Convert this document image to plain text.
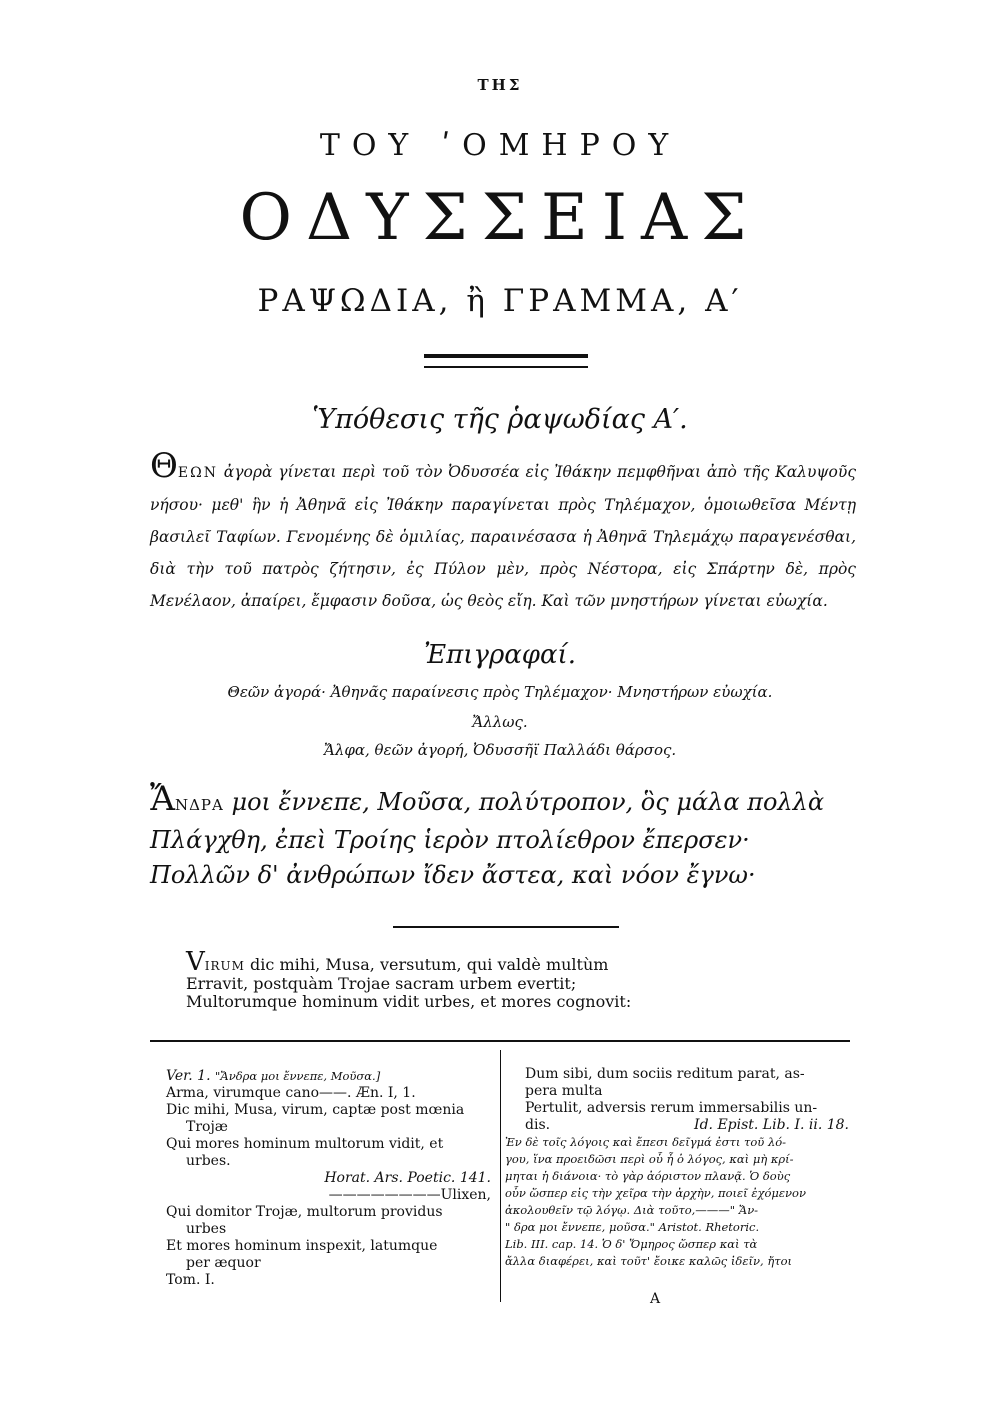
ΤΗΣ
ΤΟΥ ʹΟΜΗΡΟΥ
ΟΔΥΣΣΕΙΑΣ
ΡΑΨΩΔΙΑ, ἢ ΓΡΑΜΜΑ, Α′
Ὑπόθεσις τῆς ῥαψωδίας Α′.
ΘΕΩΝ ἀγορὰ γίνεται περὶ τοῦ τὸν Ὀδυσσέα εἰς Ἰθάκην πεμφθῆναι ἀπὸ τῆς Καλυψοῦς νήσου· μεθ' ἣν ἡ Ἀθηνᾶ εἰς Ἰθάκην παραγίνεται πρὸς Τηλέμαχον, ὁμοιωθεῖσα Μέντῃ βασιλεῖ Ταφίων. Γενομένης δὲ ὁμιλίας, παραινέσασα ἡ Ἀθηνᾶ Τηλεμάχῳ παραγενέσθαι, διὰ τὴν τοῦ πατρὸς ζήτησιν, ἐς Πύλον μὲν, πρὸς Νέστορα, εἰς Σπάρτην δὲ, πρὸς Μενέλαον, ἀπαίρει, ἔμφασιν δοῦσα, ὡς θεὸς εἴη. Καὶ τῶν μνηστήρων γίνεται εὐωχία.
Ἐπιγραφαί.
Θεῶν ἀγορά· Ἀθηνᾶς παραίνεσις πρὸς Τηλέμαχον· Μνηστήρων εὐωχία.
Ἄλλως.
Ἄλφα, θεῶν ἀγορή, Ὀδυσσῆϊ Παλλάδι θάρσος.
ἌΝΔΡΑ μοι ἔννεπε, Μοῦσα, πολύτροπον, ὃς μάλα πολλὰ
Πλάγχθη, ἐπεὶ Τροίης ἱερὸν πτολίεθρον ἔπερσεν·
Πολλῶν δ' ἀνθρώπων ἴδεν ἄστεα, καὶ νόον ἔγνω·
VIRUM dic mihi, Musa, versutum, qui valdè multùm
Erravit, postquàm Trojae sacram urbem evertit;
Multorumque hominum vidit urbes, et mores cognovit:
Ver. 1. "Ἄνδρα μοι ἔννεπε, Μοῦσα.]
Arma, virumque cano——. Æn. I, 1.
Dic mihi, Musa, virum, captæ post mœnia
Trojæ
Qui mores hominum multorum vidit, et
urbes.
Horat. Ars. Poetic. 141.
————————Ulixen,
Qui domitor Trojæ, multorum providus
urbes
Et mores hominum inspexit, latumque
per æquor
Tom. I.
Dum sibi, dum sociis reditum parat, as-
pera multa
Pertulit, adversis rerum immersabilis un-
dis.	Id. Epist. Lib. I. ii. 18.
Ἐν δὲ τοῖς λόγοις καὶ ἔπεσι δεῖγμά ἐστι τοῦ λό-
γου, ἵνα προειδῶσι περὶ οὗ ἦ ὁ λόγος, καὶ μὴ κρί-
μηται ἡ διάνοια· τὸ γὰρ ἀόριστον πλανᾷ. Ὁ δοὺς
οὖν ὥσπερ εἰς τὴν χεῖρα τὴν ἀρχὴν, ποιεῖ ἐχόμενον
ἀκολουθεῖν τῷ λόγῳ. Διὰ τοῦτο,———" Ἄν-
" δρα μοι ἔννεπε, μοῦσα." Aristot. Rhetoric.
Lib. III. cap. 14. Ὁ δ' Ὅμηρος ὥσπερ καὶ τὰ
ἄλλα διαφέρει, καὶ τοῦτ' ἔοικε καλῶς ἰδεῖν, ἤτοι
Α
